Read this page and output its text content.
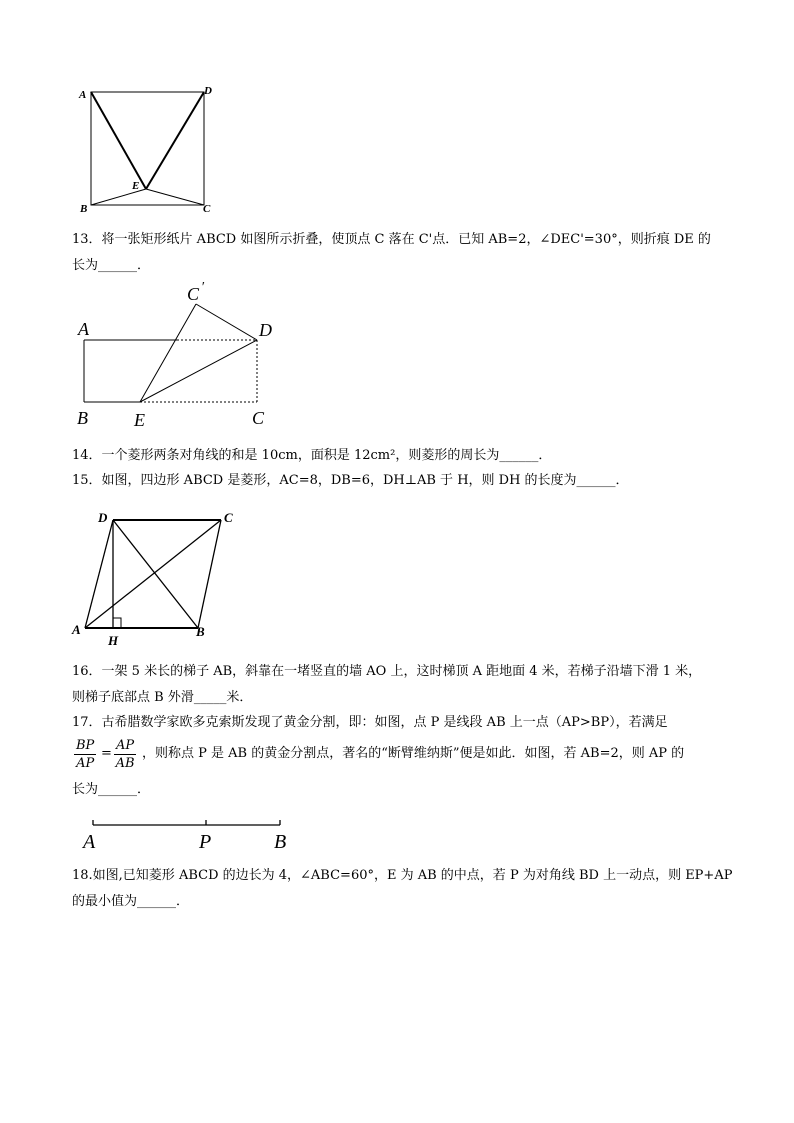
A	D
E
B	C
13．将一张矩形纸片 ABCD 如图所示折叠，使顶点 C 落在 C'点．已知 AB=2，∠DEC'=30°，则折痕 DE 的
长为______．
A
B	E	C
D
C ′
14．一个菱形两条对角线的和是 10cm，面积是 12cm²，则菱形的周长为______．
15．如图，四边形 ABCD 是菱形，AC=8，DB=6，DH⊥AB 于 H，则 DH 的长度为______．
D	C
A
H
B
16．一架 5 米长的梯子 AB，斜靠在一堵竖直的墙 AO 上，这时梯顶 A 距地面 4 米，若梯子沿墙下滑 1 米，
则梯子底部点 B 外滑_____米．
17．古希腊数学家欧多克索斯发现了黄金分割，即：如图，点 P 是线段 AB 上一点（AP>BP），若满足
$\frac{BP}{AP} = \frac{AP}{AB}$ ，则称点 P 是 AB 的黄金分割点，著名的“断臂维纳斯”便是如此．如图，若 AB=2，则 AP 的
长为______．
A	P	B
18.如图,已知菱形 ABCD 的边长为 4，∠ABC=60°，E 为 AB 的中点，若 P 为对角线 BD 上一动点，则 EP+AP
的最小值为______．
